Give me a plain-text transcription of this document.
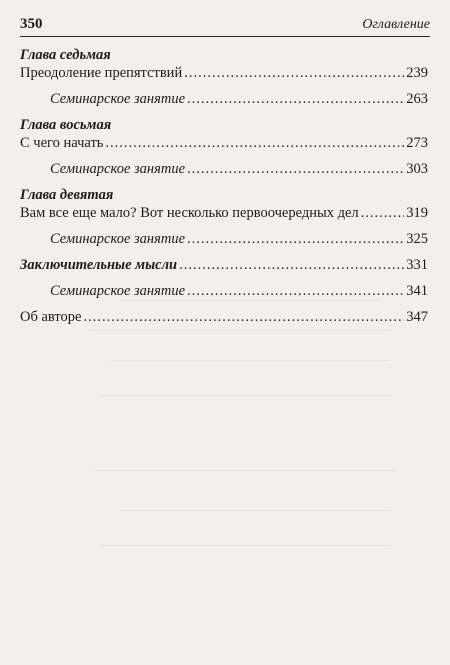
350	Оглавление
Глава седьмая
Преодоление препятствий .....	239
Семинарское занятие .....	263
Глава восьмая
С чего начать .....	273
Семинарское занятие .....	303
Глава девятая
Вам все еще мало? Вот несколько первоочередных дел .....	319
Семинарское занятие .....	325
Заключительные мысли .....	331
Семинарское занятие .....	341
Об авторе .....	347
